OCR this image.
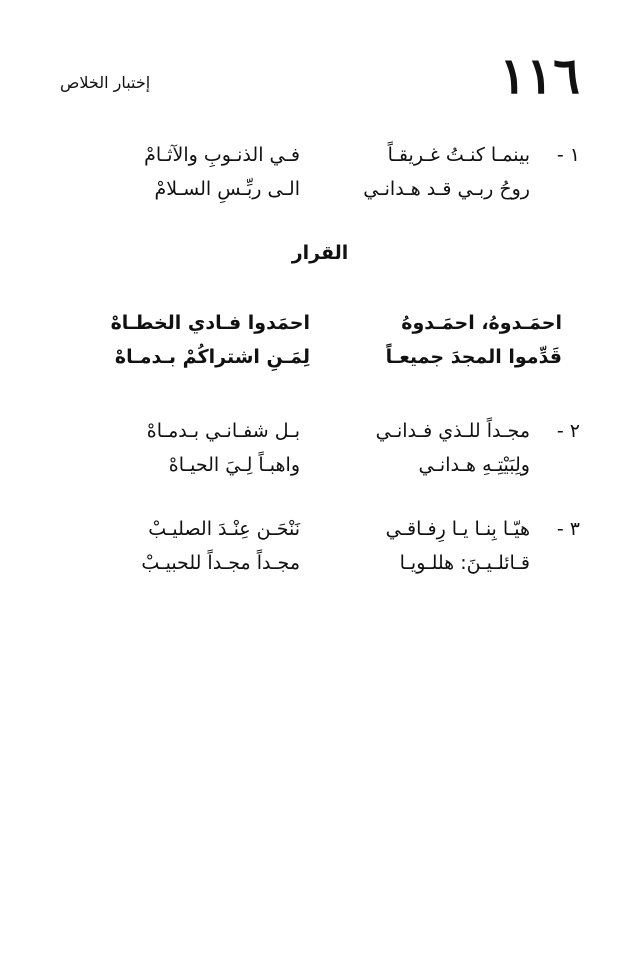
١١٦
إختبار الخلاص
١ -
بينمـا كنـتُ غـريقـاً
فـي الذنـوبِ والآثـامْ
روحُ ربـي قـد هـدانـي
الـى ربِّـسِ السـلامْ
القرار
احمَـدوهُ، احمَـدوهُ
احمَدوا فـادي الخطـاهْ
قَدِّموا المجدَ جميعـاً
لِمَـنِ اشتراكُمْ بـدمـاهْ
٢ -
مجـداً للـذي فـدانـي
بـل شفـانـي بـدمـاهْ
ولِبَيْتِـهِ هـدانـي
واهبـاً لِـيَ الحيـاهْ
٣ -
هيّـا بِنـا يـا رِفـاقـي
نَنْحَـن عِنْـدَ الصليـبْ
قـائلـيـنَ: هللـويـا
مجـداً مجـداً للحبيـبْ
